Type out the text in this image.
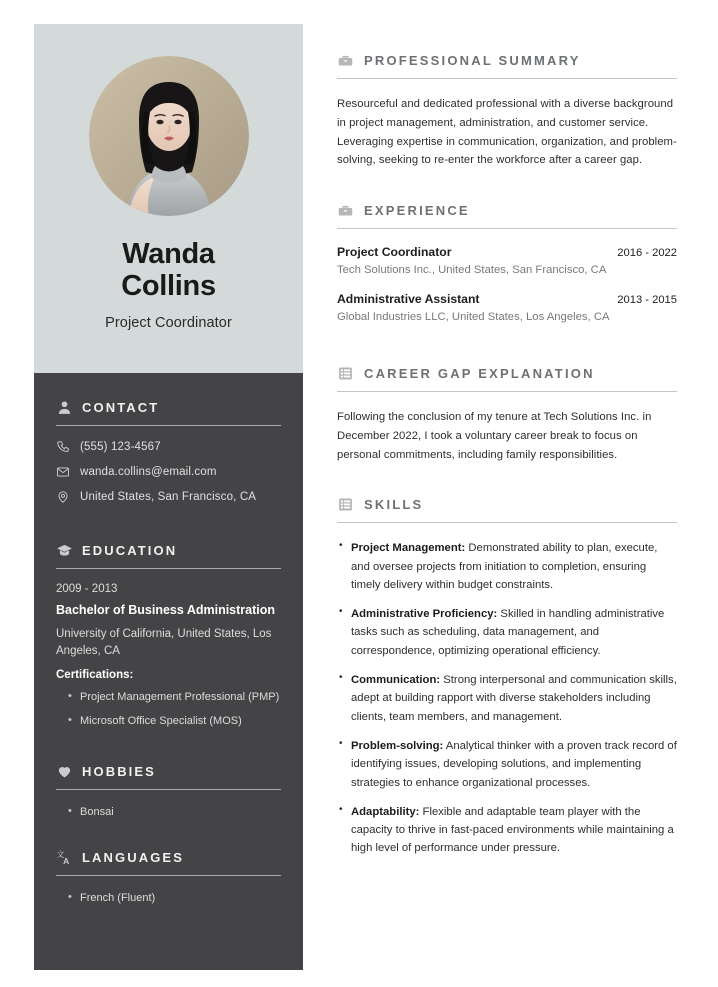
Wanda
Collins
Project Coordinator
CONTACT
(555) 123-4567
wanda.collins@email.com
United States, San Francisco, CA
EDUCATION
2009 - 2013
Bachelor of Business Administration
University of California, United States, Los Angeles, CA
Certifications:
• Project Management Professional (PMP)
• Microsoft Office Specialist (MOS)
HOBBIES
• Bonsai
文
A LANGUAGES
• French (Fluent)
PROFESSIONAL SUMMARY

Resourceful and dedicated professional with a diverse background in project management, administration, and customer service. Leveraging expertise in communication, organization, and problem-solving, seeking to re-enter the workforce after a career gap.

EXPERIENCE
Project Coordinator	2016 - 2022
Tech Solutions Inc., United States, San Francisco, CA
Administrative Assistant	2013 - 2015
Global Industries LLC, United States, Los Angeles, CA
CAREER GAP EXPLANATION

Following the conclusion of my tenure at Tech Solutions Inc. in December 2022, I took a voluntary career break to focus on personal commitments, including family responsibilities.

SKILLS
• Project Management: Demonstrated ability to plan, execute, and oversee projects from initiation to completion, ensuring timely delivery within budget constraints.
• Administrative Proficiency: Skilled in handling administrative tasks such as scheduling, data management, and correspondence, optimizing operational efficiency.
• Communication: Strong interpersonal and communication skills, adept at building rapport with diverse stakeholders including clients, team members, and management.
• Problem-solving: Analytical thinker with a proven track record of identifying issues, developing solutions, and implementing strategies to enhance organizational processes.
• Adaptability: Flexible and adaptable team player with the capacity to thrive in fast-paced environments while maintaining a high level of performance under pressure.
